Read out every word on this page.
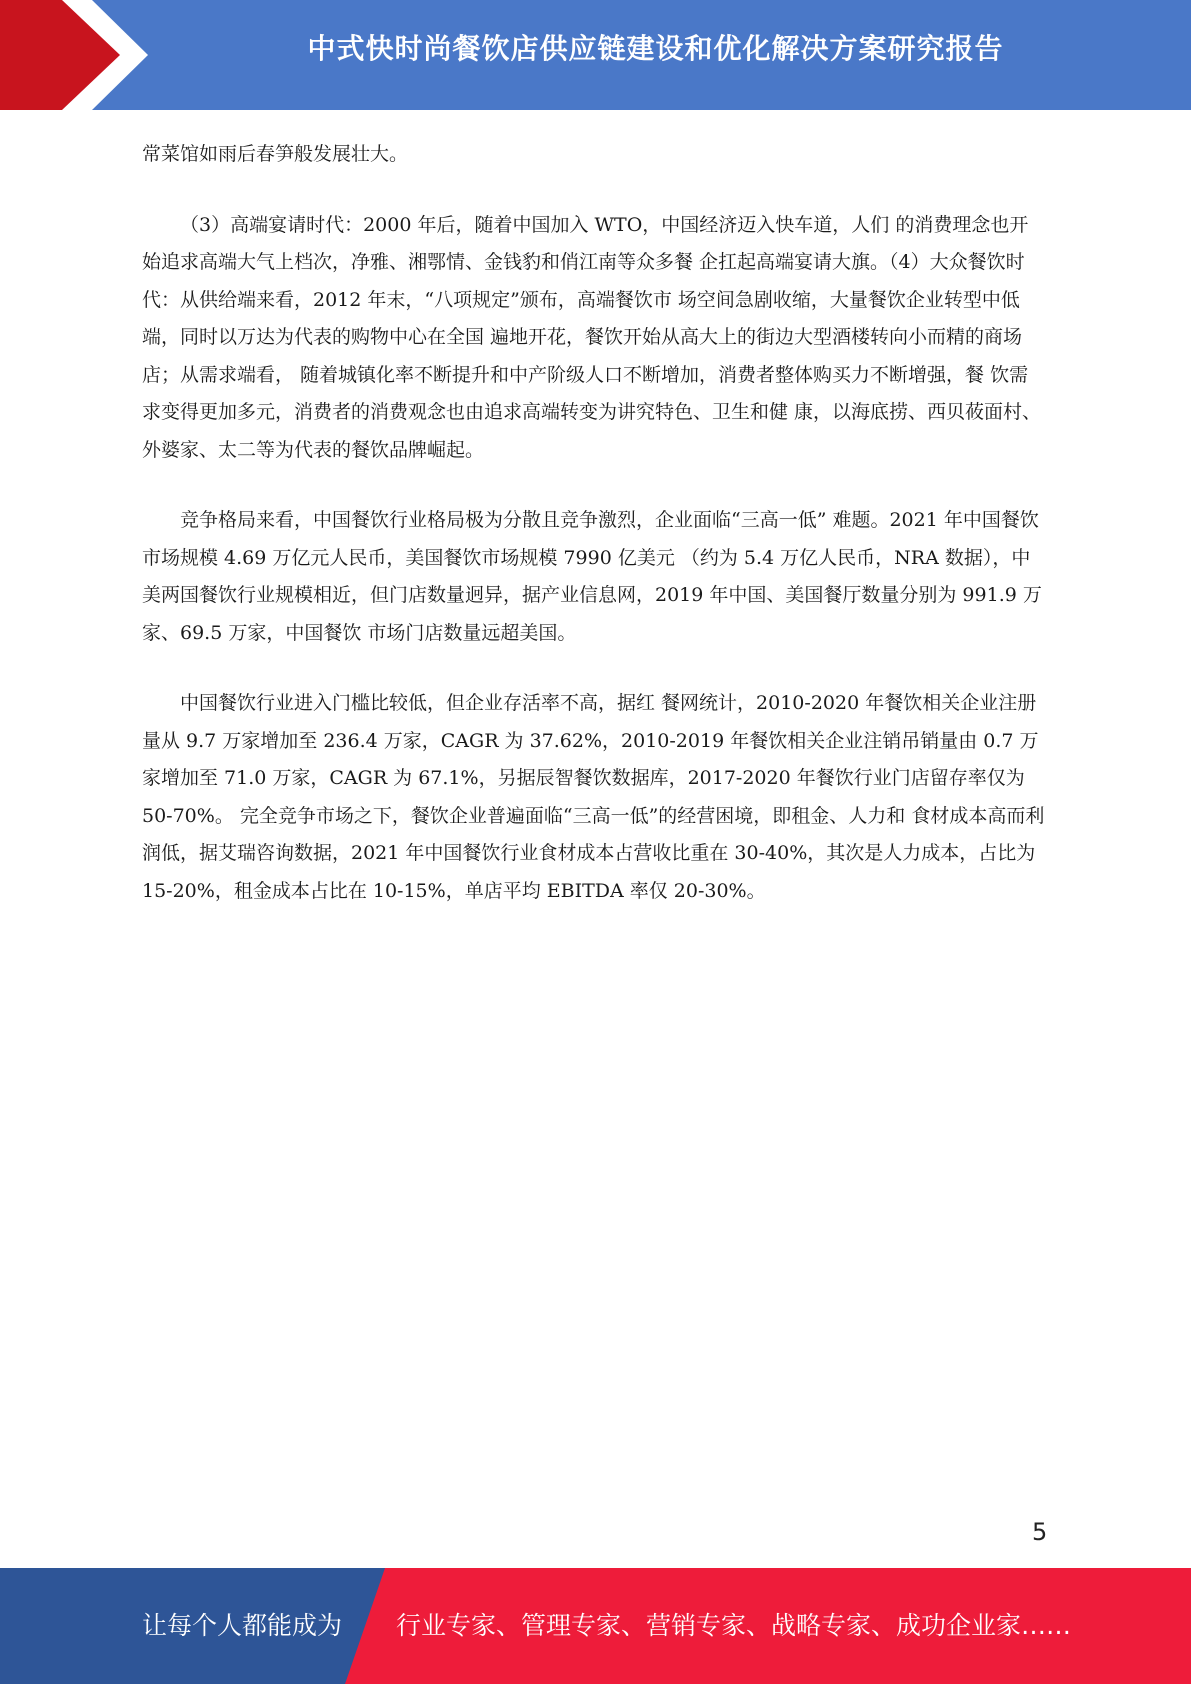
中式快时尚餐饮店供应链建设和优化解决方案研究报告

常菜馆如雨后春笋般发展壮大。

（3）高端宴请时代：2000 年后，随着中国加入 WTO，中国经济迈入快车道，人们 的消费理念也开始追求高端大气上档次，净雅、湘鄂情、金钱豹和俏江南等众多餐 企扛起高端宴请大旗。（4）大众餐饮时代：从供给端来看，2012 年末，“八项规定”颁布，高端餐饮市 场空间急剧收缩，大量餐饮企业转型中低端，同时以万达为代表的购物中心在全国 遍地开花，餐饮开始从高大上的街边大型酒楼转向小而精的商场店；从需求端看， 随着城镇化率不断提升和中产阶级人口不断增加，消费者整体购买力不断增强，餐 饮需求变得更加多元，消费者的消费观念也由追求高端转变为讲究特色、卫生和健 康，以海底捞、西贝莜面村、外婆家、太二等为代表的餐饮品牌崛起。

竞争格局来看，中国餐饮行业格局极为分散且竞争激烈，企业面临“三高一低” 难题。2021 年中国餐饮市场规模 4.69 万亿元人民币，美国餐饮市场规模 7990 亿美元 （约为 5.4 万亿人民币，NRA 数据），中美两国餐饮行业规模相近，但门店数量迥异，据产业信息网，2019 年中国、美国餐厅数量分别为 991.9 万家、69.5 万家，中国餐饮 市场门店数量远超美国。

中国餐饮行业进入门槛比较低，但企业存活率不高，据红 餐网统计，2010-2020 年餐饮相关企业注册量从 9.7 万家增加至 236.4 万家，CAGR 为 37.62%，2010-2019 年餐饮相关企业注销吊销量由 0.7 万家增加至 71.0 万家，CAGR 为 67.1%，另据辰智餐饮数据库，2017-2020 年餐饮行业门店留存率仅为 50-70%。 完全竞争市场之下，餐饮企业普遍面临“三高一低”的经营困境，即租金、人力和 食材成本高而利润低，据艾瑞咨询数据，2021 年中国餐饮行业食材成本占营收比重在 30-40%，其次是人力成本，占比为 15-20%，租金成本占比在 10-15%，单店平均 EBITDA 率仅 20-30%。

5
让每个人都能成为 行业专家、管理专家、营销专家、战略专家、成功企业家……
